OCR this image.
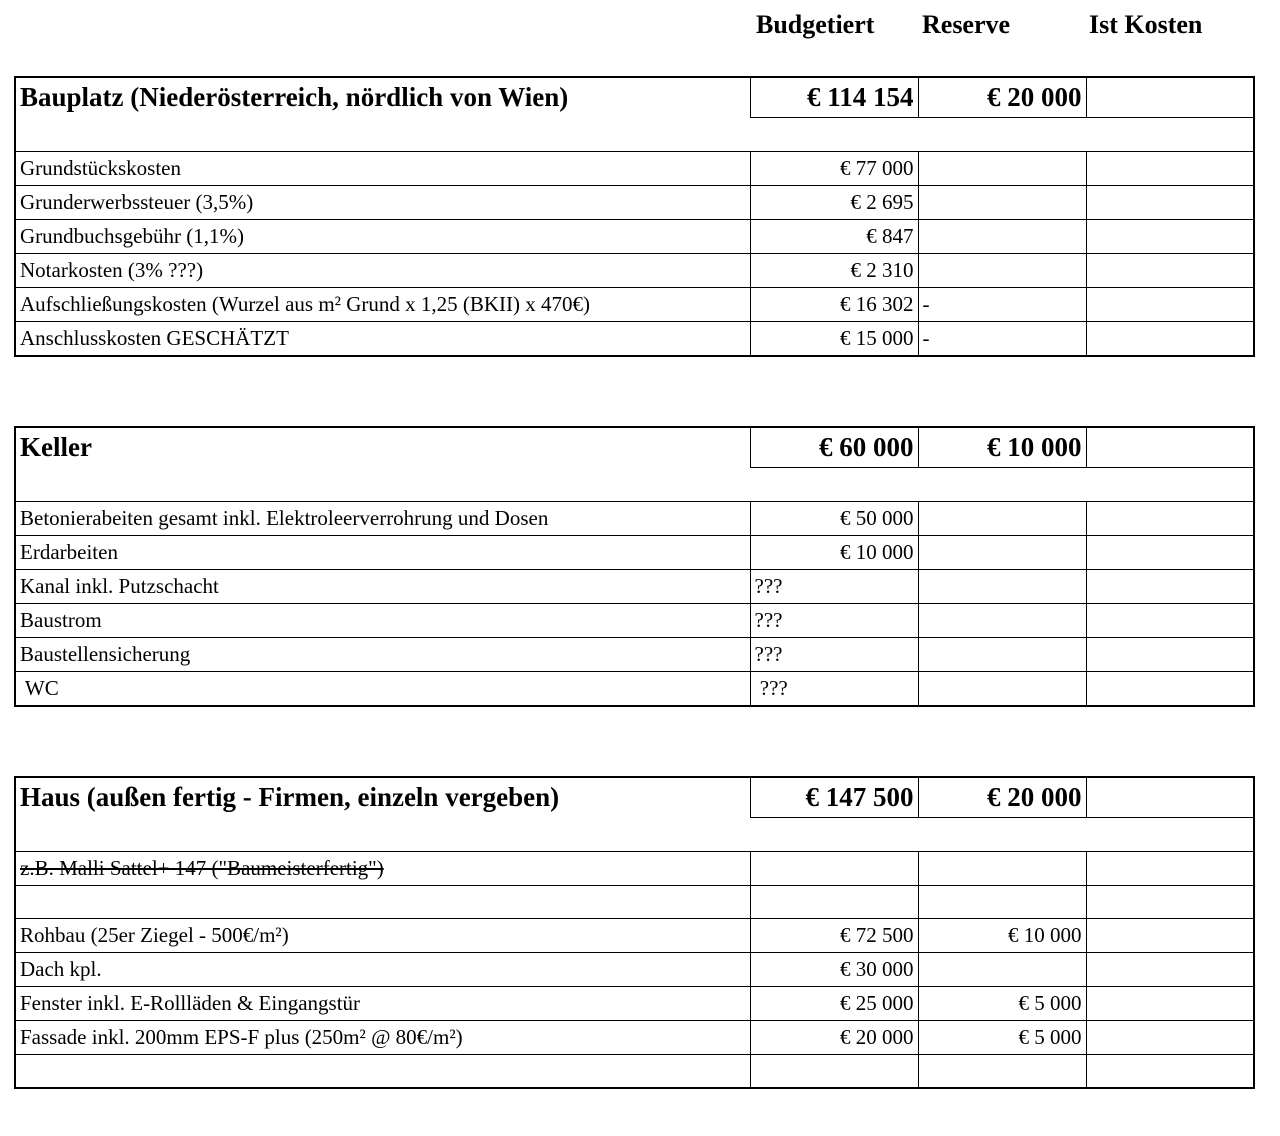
Budgetiert Reserve	Ist Kosten
Bauplatz (Niederösterreich, nördlich von Wien)	€ 114 154	€ 20 000	

Grundstückskosten	€ 77 000		
Grunderwerbssteuer (3,5%)	€ 2 695		
Grundbuchsgebühr (1,1%)	€ 847		
Notarkosten (3% ???)	€ 2 310		
Aufschließungskosten (Wurzel aus m² Grund x 1,25 (BKII) x 470€)	€ 16 302	-	
Anschlusskosten GESCHÄTZT	€ 15 000	-	
Keller	€ 60 000	€ 10 000	

Betonierabeiten gesamt inkl. Elektroleerverrohrung und Dosen	€ 50 000		
Erdarbeiten	€ 10 000		
Kanal inkl. Putzschacht	???		
Baustrom	???		
Baustellensicherung	???		
WC	???		
Haus (außen fertig - Firmen, einzeln vergeben)	€ 147 500	€ 20 000	

z.B. Malli Sattel+ 147 ("Baumeisterfertig")			

Rohbau (25er Ziegel - 500€/m²)	€ 72 500	€ 10 000	
Dach kpl.	€ 30 000		
Fenster inkl. E-Rollläden & Eingangstür	€ 25 000	€ 5 000	
Fassade inkl. 200mm EPS-F plus (250m² @ 80€/m²)	€ 20 000	€ 5 000	
